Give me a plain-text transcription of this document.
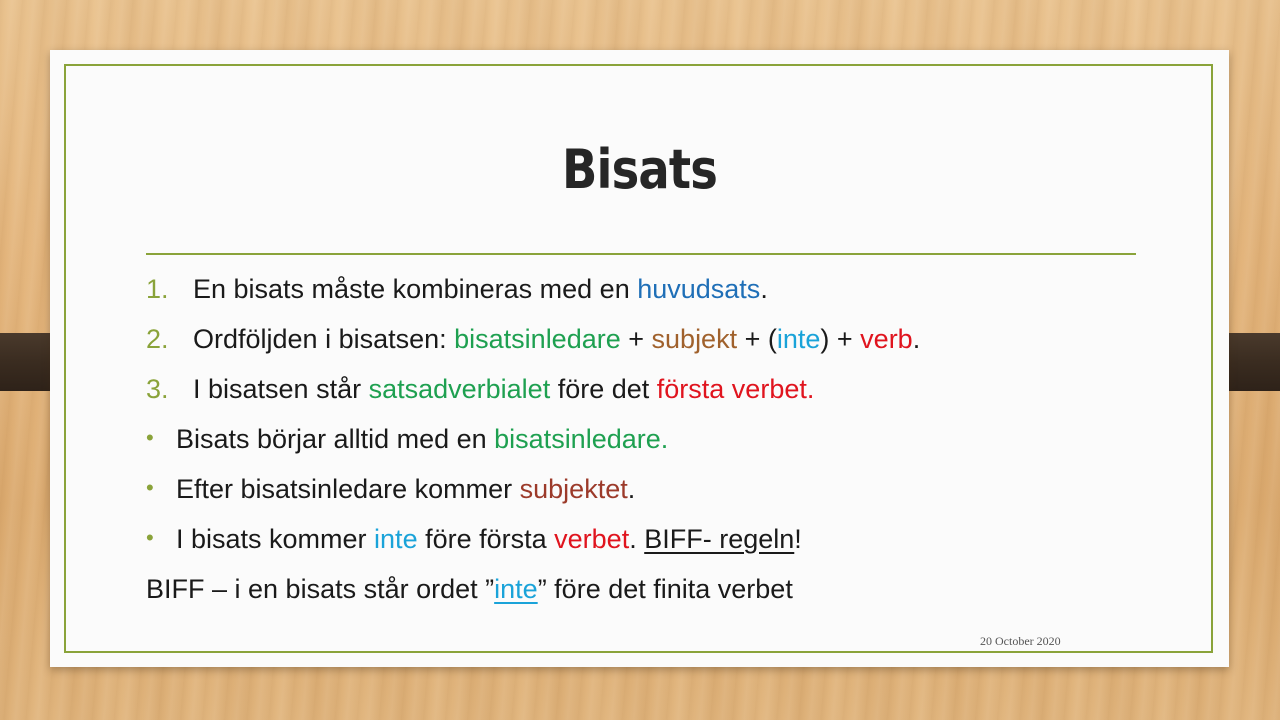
Bisats
1. En bisats måste kombineras med en huvudsats.
2. Ordföljden i bisatsen: bisatsinledare + subjekt + (inte) + verb.
3. I bisatsen står satsadverbialet före det första verbet.
• Bisats börjar alltid med en bisatsinledare.
• Efter bisatsinledare kommer subjektet.
• I bisats kommer inte före första verbet. BIFF- regeln!
BIFF – i en bisats står ordet ”inte” före det finita verbet
20 October 2020
